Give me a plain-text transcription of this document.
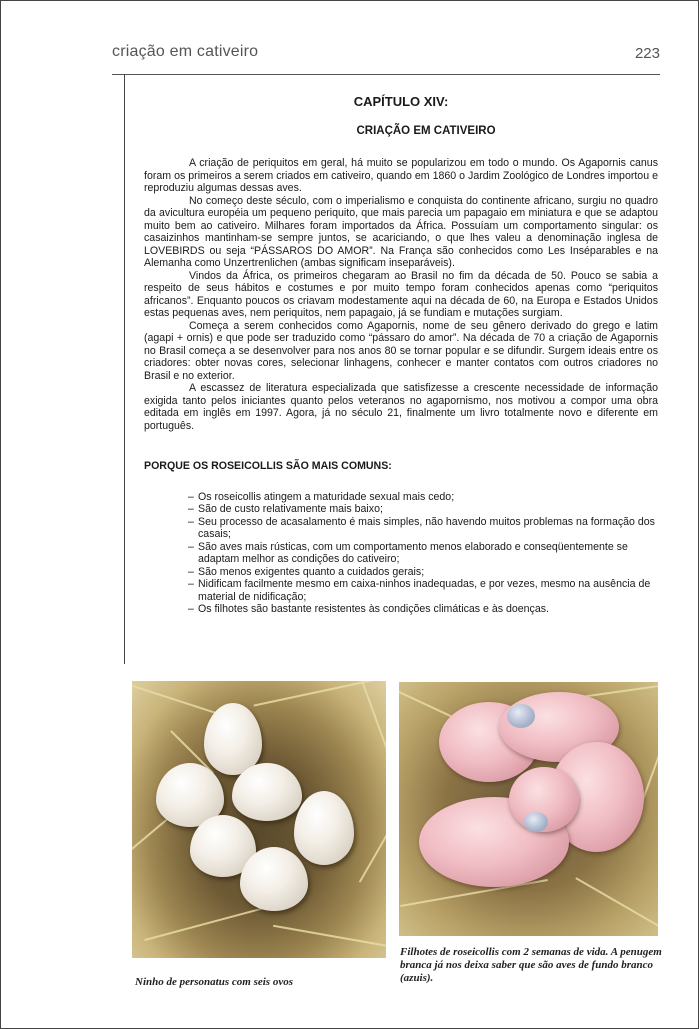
criação em cativeiro	223
CAPÍTULO XIV:
CRIAÇÃO EM CATIVEIRO

A criação de periquitos em geral, há muito se popularizou em todo o mundo. Os Agapornis canus foram os primeiros a serem criados em cativeiro, quando em 1860 o Jardim Zoológico de Londres importou e reproduziu algumas dessas aves.

No começo deste século, com o imperialismo e conquista do continente africano, surgiu no quadro da avicultura européia um pequeno periquito, que mais parecia um papagaio em miniatura e que se adaptou muito bem ao cativeiro. Milhares foram importados da África. Possuíam um comportamento singular: os casaizinhos mantinham-se sempre juntos, se acariciando, o que lhes valeu a denominação inglesa de LOVEBIRDS ou seja “PÁSSAROS DO AMOR”. Na França são conhecidos como Les Inséparables e na Alemanha como Unzertrenlichen (ambas significam inseparáveis).

Vindos da África, os primeiros chegaram ao Brasil no fim da década de 50. Pouco se sabia a respeito de seus hábitos e costumes e por muito tempo foram conhecidos apenas como “periquitos africanos”. Enquanto poucos os criavam modestamente aqui na década de 60, na Europa e Estados Unidos estas pequenas aves, nem periquitos, nem papagaio, já se fundiam e mutações surgiam.

Começa a serem conhecidos como Agapornis, nome de seu gênero derivado do grego e latim (agapi + ornis) e que pode ser traduzido como “pássaro do amor”. Na década de 70 a criação de Agapornis no Brasil começa a se desenvolver para nos anos 80 se tornar popular e se difundir. Surgem ideais entre os criadores: obter novas cores, selecionar linhagens, conhecer e manter contatos com outros criadores no Brasil e no exterior.

A escassez de literatura especializada que satisfizesse a crescente necessidade de informação exigida tanto pelos iniciantes quanto pelos veteranos no agapornismo, nos motivou a compor uma obra editada em inglês em 1997. Agora, já no século 21, finalmente um livro totalmente novo e diferente em português.

PORQUE OS ROSEICOLLIS SÃO MAIS COMUNS:
– Os roseicollis atingem a maturidade sexual mais cedo;
– São de custo relativamente mais baixo;
– Seu processo de acasalamento é mais simples, não havendo muitos problemas na formação dos casais;
– São aves mais rústicas, com um comportamento menos elaborado e conseqüentemente se adaptam melhor as condições do cativeiro;
– São menos exigentes quanto a cuidados gerais;
– Nidificam facilmente mesmo em caixa-ninhos inadequadas, e por vezes, mesmo na ausência de material de nidificação;
– Os filhotes são bastante resistentes às condições climáticas e às doenças.
Ninho de personatus com seis ovos
Filhotes de roseicollis com 2 semanas de vida. A penugem branca já nos deixa saber que são aves de fundo branco (azuis).
